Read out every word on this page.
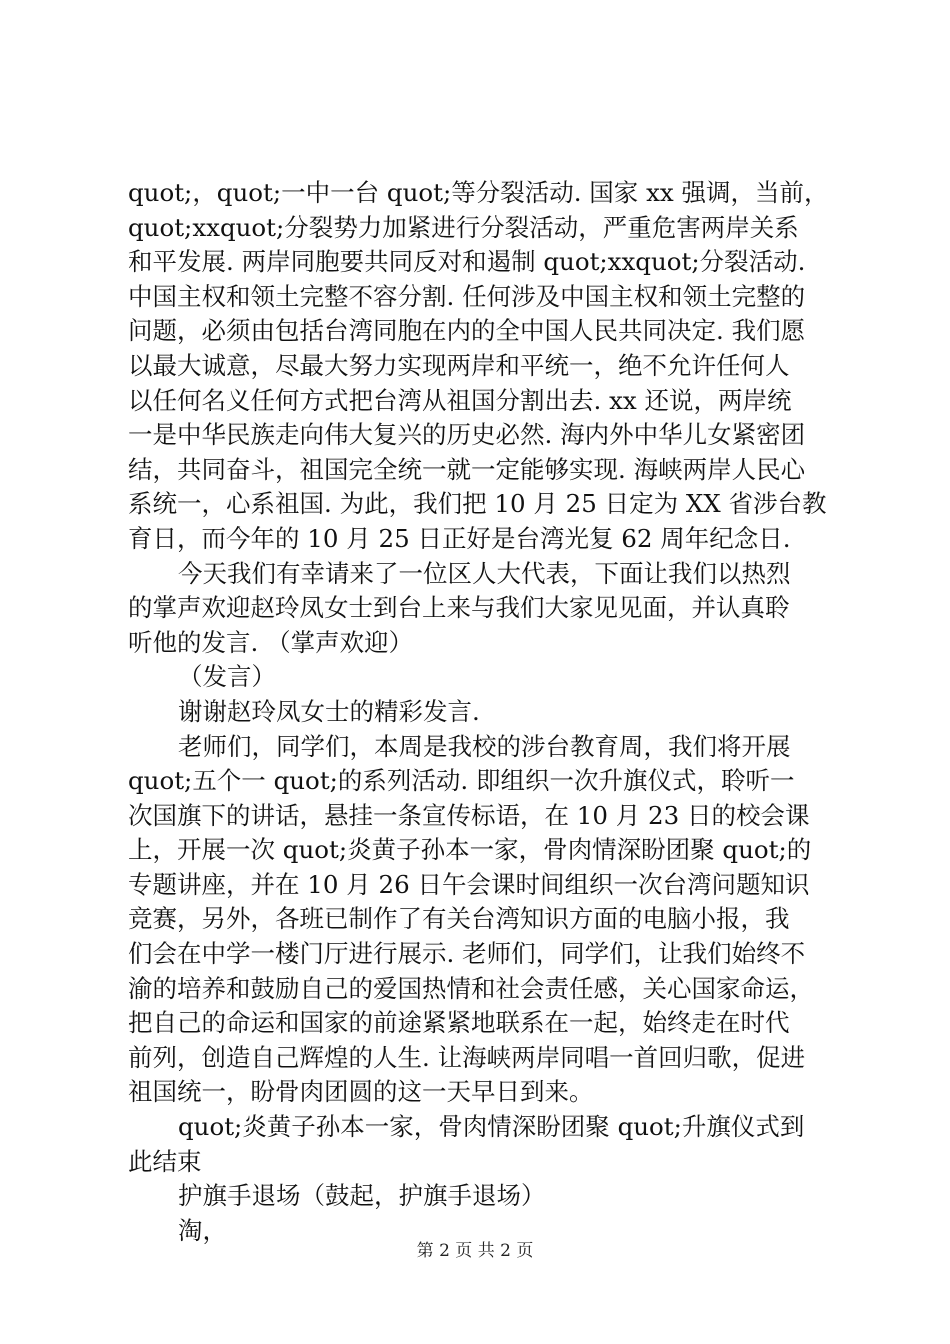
quot;，quot;一中一台 quot;等分裂活动. 国家 xx 强调，当前，
quot;xxquot;分裂势力加紧进行分裂活动，严重危害两岸关系
和平发展. 两岸同胞要共同反对和遏制 quot;xxquot;分裂活动.
中国主权和领土完整不容分割. 任何涉及中国主权和领土完整的
问题，必须由包括台湾同胞在内的全中国人民共同决定. 我们愿
以最大诚意，尽最大努力实现两岸和平统一，绝不允许任何人
以任何名义任何方式把台湾从祖国分割出去. xx 还说，两岸统
一是中华民族走向伟大复兴的历史必然. 海内外中华儿女紧密团
结，共同奋斗，祖国完全统一就一定能够实现. 海峡两岸人民心
系统一，心系祖国. 为此，我们把 10 月 25 日定为 XX 省涉台教
育日，而今年的 10 月 25 日正好是台湾光复 62 周年纪念日.
今天我们有幸请来了一位区人大代表，下面让我们以热烈
的掌声欢迎赵玲凤女士到台上来与我们大家见见面，并认真聆
听他的发言. （掌声欢迎）
（发言）
谢谢赵玲凤女士的精彩发言.
老师们，同学们，本周是我校的涉台教育周，我们将开展
quot;五个一 quot;的系列活动. 即组织一次升旗仪式，聆听一
次国旗下的讲话，悬挂一条宣传标语，在 10 月 23 日的校会课
上，开展一次 quot;炎黄子孙本一家，骨肉情深盼团聚 quot;的
专题讲座，并在 10 月 26 日午会课时间组织一次台湾问题知识
竞赛，另外，各班已制作了有关台湾知识方面的电脑小报，我
们会在中学一楼门厅进行展示. 老师们，同学们，让我们始终不
渝的培养和鼓励自己的爱国热情和社会责任感，关心国家命运，
把自己的命运和国家的前途紧紧地联系在一起，始终走在时代
前列，创造自己辉煌的人生. 让海峡两岸同唱一首回归歌，促进
祖国统一，盼骨肉团圆的这一天早日到来。
quot;炎黄子孙本一家，骨肉情深盼团聚 quot;升旗仪式到
此结束
护旗手退场（鼓起，护旗手退场）
淘，
第 2 页 共 2 页
